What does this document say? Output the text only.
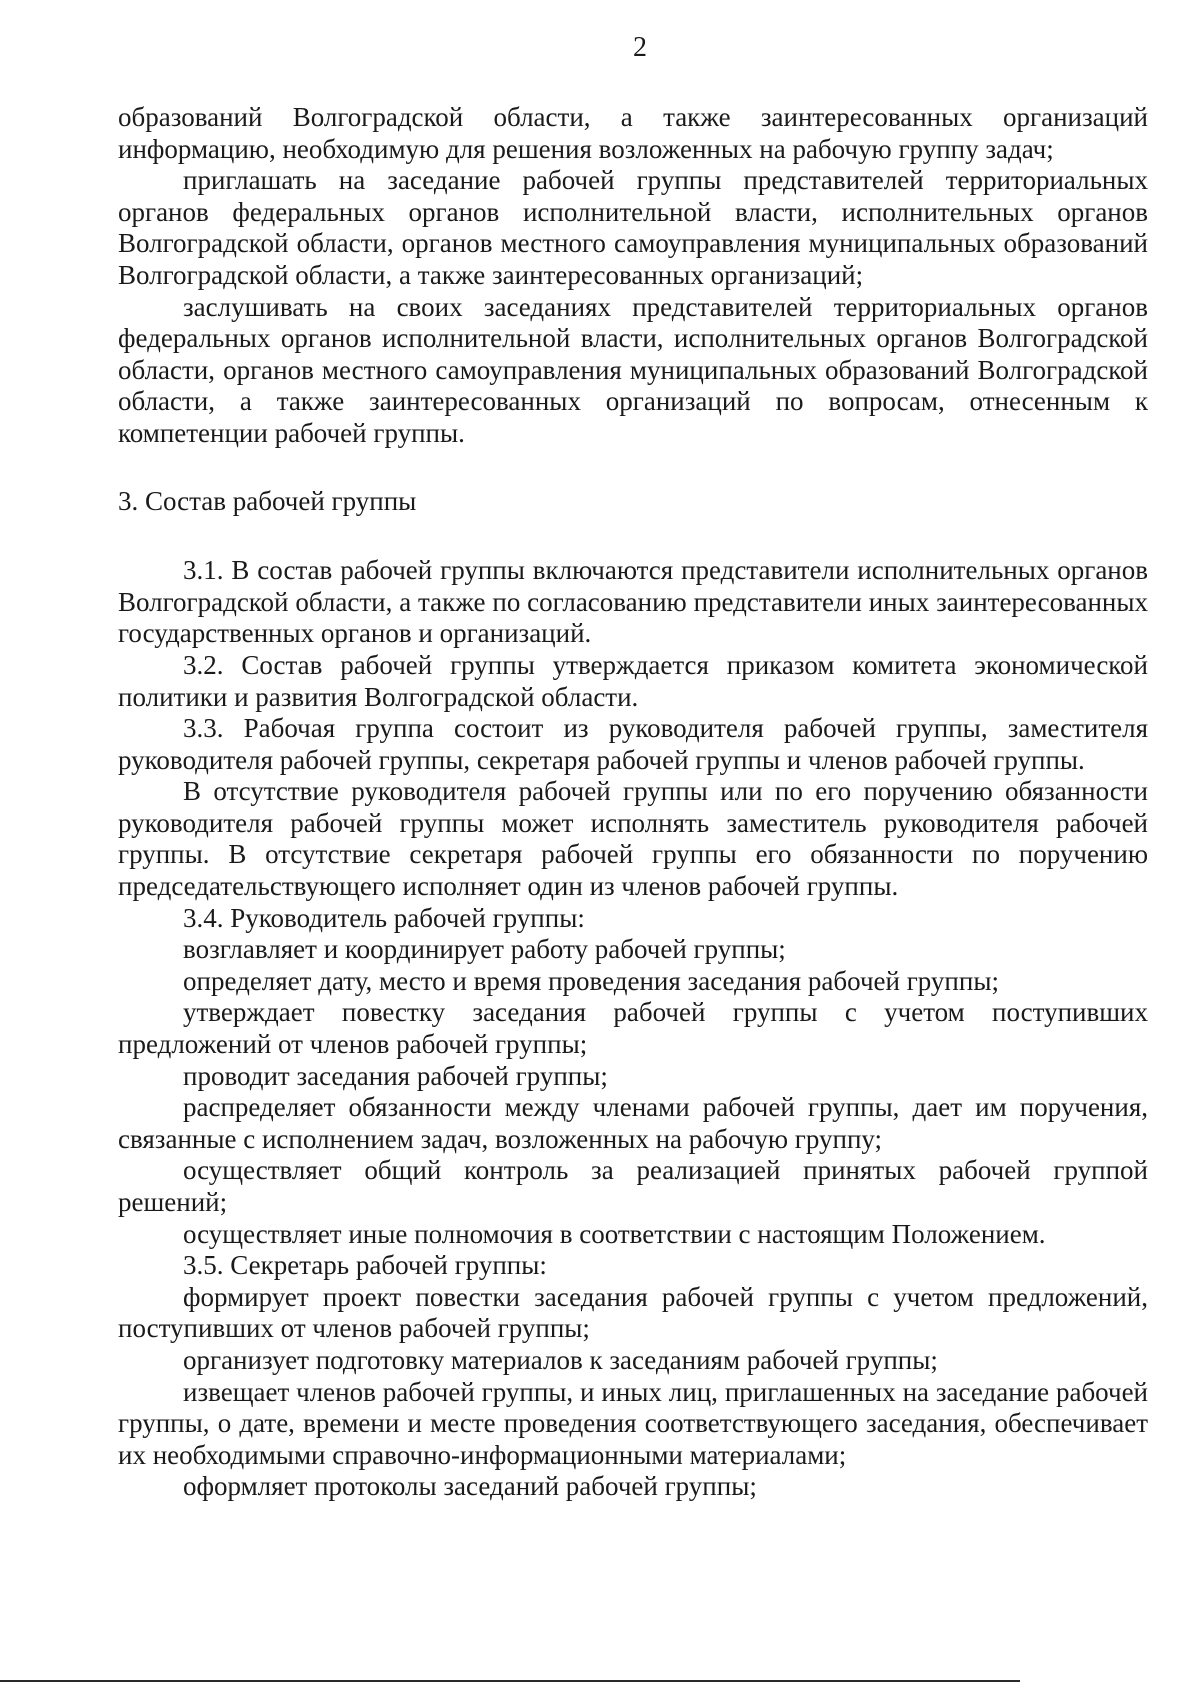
2

образований Волгоградской области, а также заинтересованных организаций информацию, необходимую для решения возложенных на рабочую группу задач;

приглашать на заседание рабочей группы представителей территориальных органов федеральных органов исполнительной власти, исполнительных органов Волгоградской области, органов местного самоуправления муниципальных образований Волгоградской области, а также заинтересованных организаций;

заслушивать на своих заседаниях представителей территориальных органов федеральных органов исполнительной власти, исполнительных органов Волгоградской области, органов местного самоуправления муниципальных образований Волгоградской области, а также заинтересованных организаций по вопросам, отнесенным к компетенции рабочей группы.

3. Состав рабочей группы

3.1. В состав рабочей группы включаются представители исполнительных органов Волгоградской области, а также по согласованию представители иных заинтересованных государственных органов и организаций.

3.2. Состав рабочей группы утверждается приказом комитета экономической политики и развития Волгоградской области.

3.3. Рабочая группа состоит из руководителя рабочей группы, заместителя руководителя рабочей группы, секретаря рабочей группы и членов рабочей группы.

В отсутствие руководителя рабочей группы или по его поручению обязанности руководителя рабочей группы может исполнять заместитель руководителя рабочей группы. В отсутствие секретаря рабочей группы его обязанности по поручению председательствующего исполняет один из членов рабочей группы.

3.4. Руководитель рабочей группы:

возглавляет и координирует работу рабочей группы;

определяет дату, место и время проведения заседания рабочей группы;

утверждает повестку заседания рабочей группы с учетом поступивших предложений от членов рабочей группы;

проводит заседания рабочей группы;

распределяет обязанности между членами рабочей группы, дает им поручения, связанные с исполнением задач, возложенных на рабочую группу;

осуществляет общий контроль за реализацией принятых рабочей группой решений;

осуществляет иные полномочия в соответствии с настоящим Положением.

3.5. Секретарь рабочей группы:

формирует проект повестки заседания рабочей группы с учетом предложений, поступивших от членов рабочей группы;

организует подготовку материалов к заседаниям рабочей группы;

извещает членов рабочей группы, и иных лиц, приглашенных на заседание рабочей группы, о дате, времени и месте проведения соответствующего заседания, обеспечивает их необходимыми справочно-информационными материалами;

оформляет протоколы заседаний рабочей группы;
